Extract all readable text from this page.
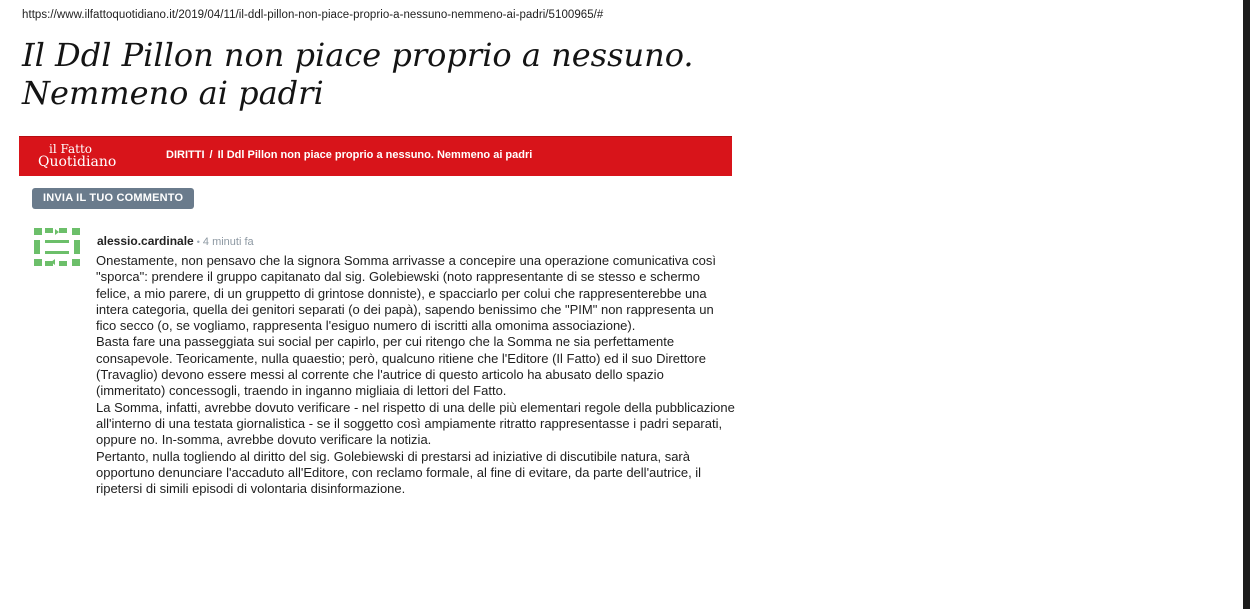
https://www.ilfattoquotidiano.it/2019/04/11/il-ddl-pillon-non-piace-proprio-a-nessuno-nemmeno-ai-padri/5100965/#
Il Ddl Pillon non piace proprio a nessuno.
Nemmeno ai padri
il Fatto
Quotidiano	DIRITTI / Il Ddl Pillon non piace proprio a nessuno. Nemmeno ai padri
INVIA IL TUO COMMENTO
alessio.cardinale • 4 minuti fa

Onestamente, non pensavo che la signora Somma arrivasse a concepire una operazione comunicativa così "sporca": prendere il gruppo capitanato dal sig. Golebiewski (noto rappresentante di se stesso e schermo felice, a mio parere, di un gruppetto di grintose donniste), e spacciarlo per colui che rappresenterebbe una intera categoria, quella dei genitori separati (o dei papà), sapendo benissimo che "PIM" non rappresenta un fico secco (o, se vogliamo, rappresenta l'esiguo numero di iscritti alla omonima associazione).

Basta fare una passeggiata sui social per capirlo, per cui ritengo che la Somma ne sia perfettamente consapevole. Teoricamente, nulla quaestio; però, qualcuno ritiene che l'Editore (Il Fatto) ed il suo Direttore (Travaglio) devono essere messi al corrente che l'autrice di questo articolo ha abusato dello spazio (immeritato) concessogli, traendo in inganno migliaia di lettori del Fatto.

La Somma, infatti, avrebbe dovuto verificare - nel rispetto di una delle più elementari regole della pubblicazione all'interno di una testata giornalistica - se il soggetto così ampiamente ritratto rappresentasse i padri separati, oppure no. In-somma, avrebbe dovuto verificare la notizia.

Pertanto, nulla togliendo al diritto del sig. Golebiewski di prestarsi ad iniziative di discutibile natura, sarà opportuno denunciare l'accaduto all'Editore, con reclamo formale, al fine di evitare, da parte dell'autrice, il ripetersi di simili episodi di volontaria disinformazione.
